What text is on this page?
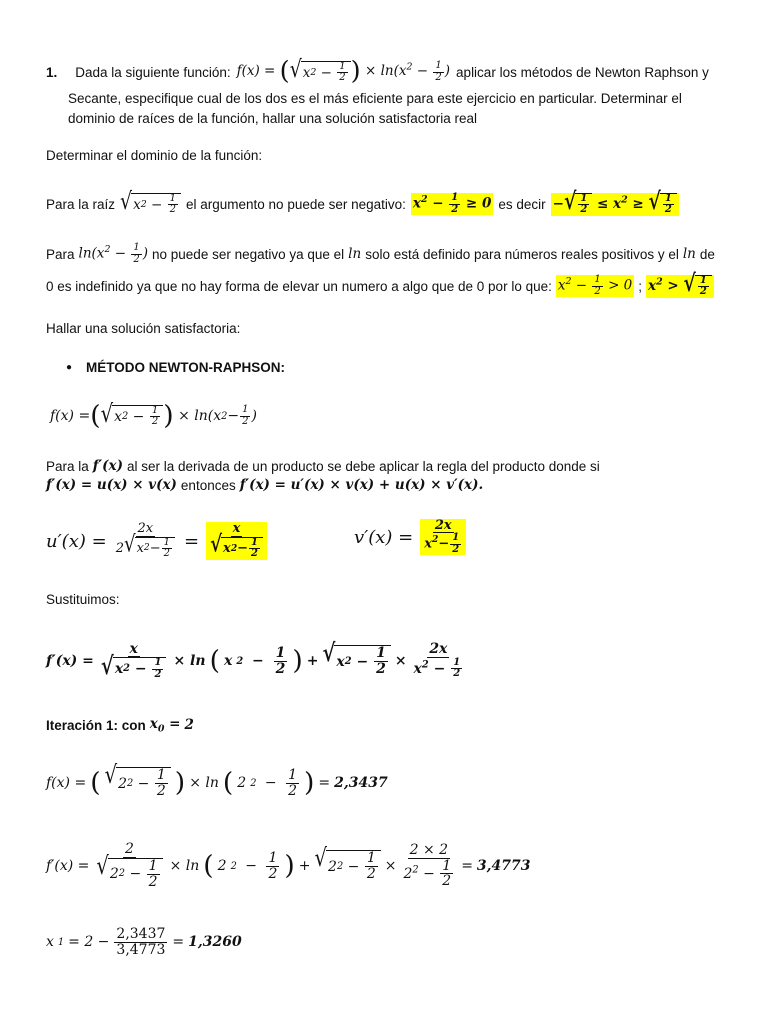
1. Dada la siguiente función: f(x) = ( √ x $2 - \frac{1}{2}$ ) × $\ln(x^2 - \frac{1}{2}$ ) aplicar los métodos de Newton Raphson y
Secante, especifique cual de los dos es el más eficiente para este ejercicio en particular. Determinar el
dominio de raíces de la función, hallar una solución satisfactoria real
Determinar el dominio de la función:
Para la raíz √ x $2 - \frac{1}{2}$ el argumento no puede ser negativo: $x^2 - \frac{1}{2} \ge 0$ es decir − √ $\frac{1}{2} \le x^2$ ≥ √ $\frac{1}{2}$
Para $\ln(x^2 - \frac{1}{2}$ ) no puede ser negativo ya que el ln solo está definido para números reales positivos y el ln de
0 es indefinido ya que no hay forma de elevar un numero a algo que de 0 por lo que: $x^2 - \frac{1}{2} > 0$ ; $x^2$ > √ $\frac{1}{2}$
Hallar una solución satisfactoria:
● MÉTODO NEWTON-RAPHSON:
f(x) = ( √ x $2 - \frac{1}{2}$ ) × ln(x $2 - \frac{1}{2}$ )
Para la f′(x) al ser la derivada de un producto se debe aplicar la regla del producto donde si
f′(x) = u(x) × v(x) entonces f′(x) = u′(x) × v(x) + u(x) × v′(x).
$u'(x) = \frac{2x}{2 √ x 2 - \frac{1}{2}} = \frac{x}{√ x 2 - \frac{1}{2}}$	$v'(x) = \frac{2x}{x^2- \frac{1}{2}}$
Sustituimos:
$f'(x) = \frac{x}{√ x 2 - \frac{1}{2}} \times \ln$ ( x $2 - \frac{1}{2}$ ) + √ x $2 - \frac{1}{2} \times \frac{2x}{x^2 - \frac{1}{2}}$
Iteración 1: con $x_0 = 2$
f(x) = ( √ 2 $2 - \frac{1}{2}$ ) × ln ( 2 $2 - \frac{1}{2}$ ) = 2,3437
$f'(x) = \frac{2}{√ 2 2 - \frac{1}{2}} \times \ln$ ( 2 $2 - \frac{1}{2}$ ) + √ 2 $2 - \frac{1}{2} \times \frac{2 \times 2}{2^2 - \frac{1}{2}} = 3,4773$
x $1 = 2 - \frac{2,3437}{3,4773} = 1,3260$
